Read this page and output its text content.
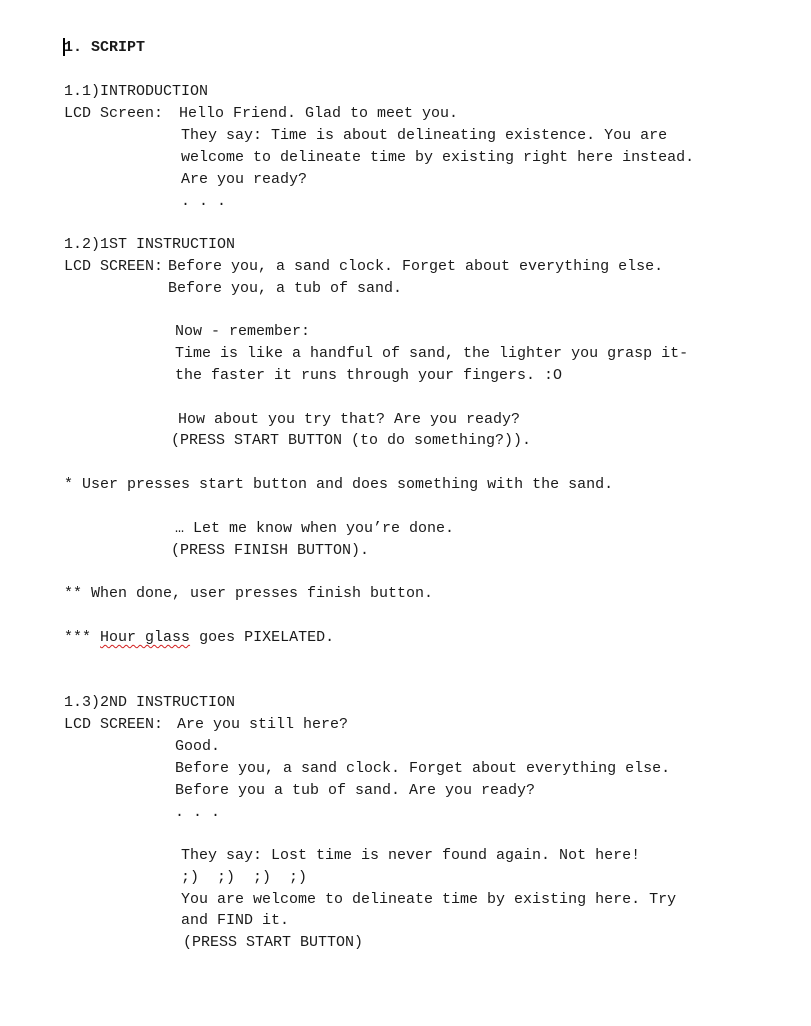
1. SCRIPT
1.1)INTRODUCTION
LCD Screen: Hello Friend. Glad to meet you.
They say: Time is about delineating existence. You are
welcome to delineate time by existing right here instead.
Are you ready?
. . .
1.2)1ST INSTRUCTION
LCD SCREEN: Before you, a sand clock. Forget about everything else.
Before you, a tub of sand.
Now - remember:
Time is like a handful of sand, the lighter you grasp it-
the faster it runs through your fingers. :O
How about you try that? Are you ready?
(PRESS START BUTTON (to do something?)).
* User presses start button and does something with the sand.
… Let me know when you’re done.
(PRESS FINISH BUTTON).
** When done, user presses finish button.
*** Hour glass goes PIXELATED.
1.3)2ND INSTRUCTION
LCD SCREEN: Are you still here?
Good.
Before you, a sand clock. Forget about everything else.
Before you a tub of sand. Are you ready?
. . .
They say: Lost time is never found again. Not here!
;)  ;)  ;)  ;)
You are welcome to delineate time by existing here. Try
and FIND it.
(PRESS START BUTTON)
